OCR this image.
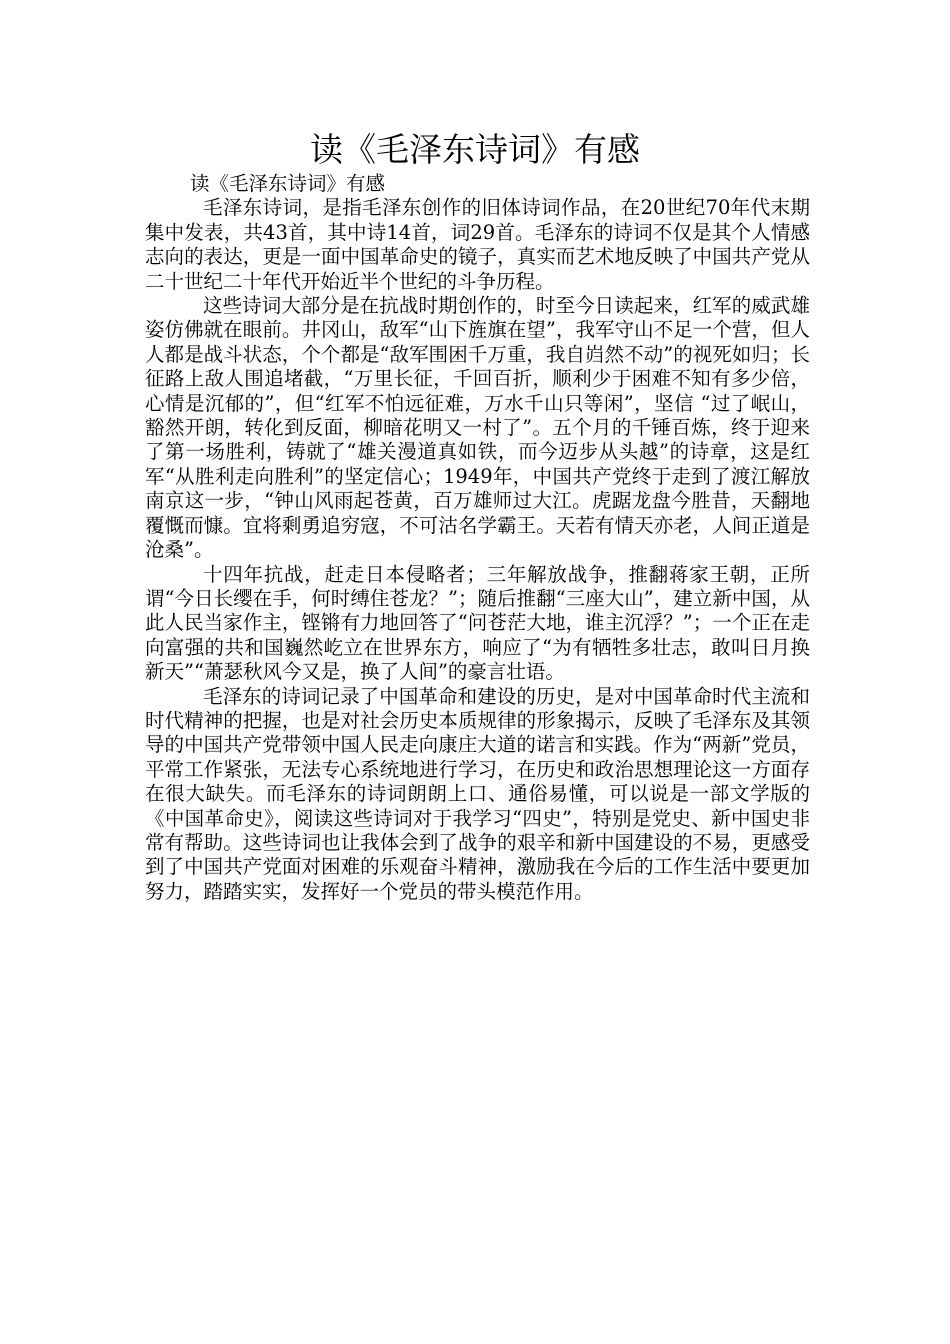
读《毛泽东诗词》有感

读《毛泽东诗词》有感

毛泽东诗词，是指毛泽东创作的旧体诗词作品，在20世纪70年代末期集中发表，共43首，其中诗14首，词29首。毛泽东的诗词不仅是其个人情感志向的表达，更是一面中国革命史的镜子，真实而艺术地反映了中国共产党从二十世纪二十年代开始近半个世纪的斗争历程。

这些诗词大部分是在抗战时期创作的，时至今日读起来，红军的威武雄姿仿佛就在眼前。井冈山，敌军“山下旌旗在望”，我军守山不足一个营，但人人都是战斗状态，个个都是“敌军围困千万重，我自岿然不动”的视死如归；长征路上敌人围追堵截，“万里长征，千回百折，顺利少于困难不知有多少倍，心情是沉郁的”，但“红军不怕远征难，万水千山只等闲”，坚信 “过了岷山，豁然开朗，转化到反面，柳暗花明又一村了”。五个月的千锤百炼，终于迎来了第一场胜利，铸就了“雄关漫道真如铁，而今迈步从头越”的诗章，这是红军“从胜利走向胜利”的坚定信心；1949年，中国共产党终于走到了渡江解放南京这一步，“钟山风雨起苍黄，百万雄师过大江。虎踞龙盘今胜昔，天翻地覆慨而慷。宜将剩勇追穷寇，不可沽名学霸王。天若有情天亦老，人间正道是沧桑”。

十四年抗战，赶走日本侵略者；三年解放战争，推翻蒋家王朝，正所谓“今日长缨在手，何时缚住苍龙？”；随后推翻“三座大山”，建立新中国，从此人民当家作主，铿锵有力地回答了“问苍茫大地，谁主沉浮？”；一个正在走向富强的共和国巍然屹立在世界东方，响应了“为有牺牲多壮志，敢叫日月换新天”“萧瑟秋风今又是，换了人间”的豪言壮语。

毛泽东的诗词记录了中国革命和建设的历史，是对中国革命时代主流和时代精神的把握，也是对社会历史本质规律的形象揭示，反映了毛泽东及其领导的中国共产党带领中国人民走向康庄大道的诺言和实践。作为“两新”党员，平常工作紧张，无法专心系统地进行学习，在历史和政治思想理论这一方面存在很大缺失。而毛泽东的诗词朗朗上口、通俗易懂，可以说是一部文学版的《中国革命史》，阅读这些诗词对于我学习“四史”，特别是党史、新中国史非常有帮助。这些诗词也让我体会到了战争的艰辛和新中国建设的不易，更感受到了中国共产党面对困难的乐观奋斗精神，激励我在今后的工作生活中要更加努力，踏踏实实，发挥好一个党员的带头模范作用。
